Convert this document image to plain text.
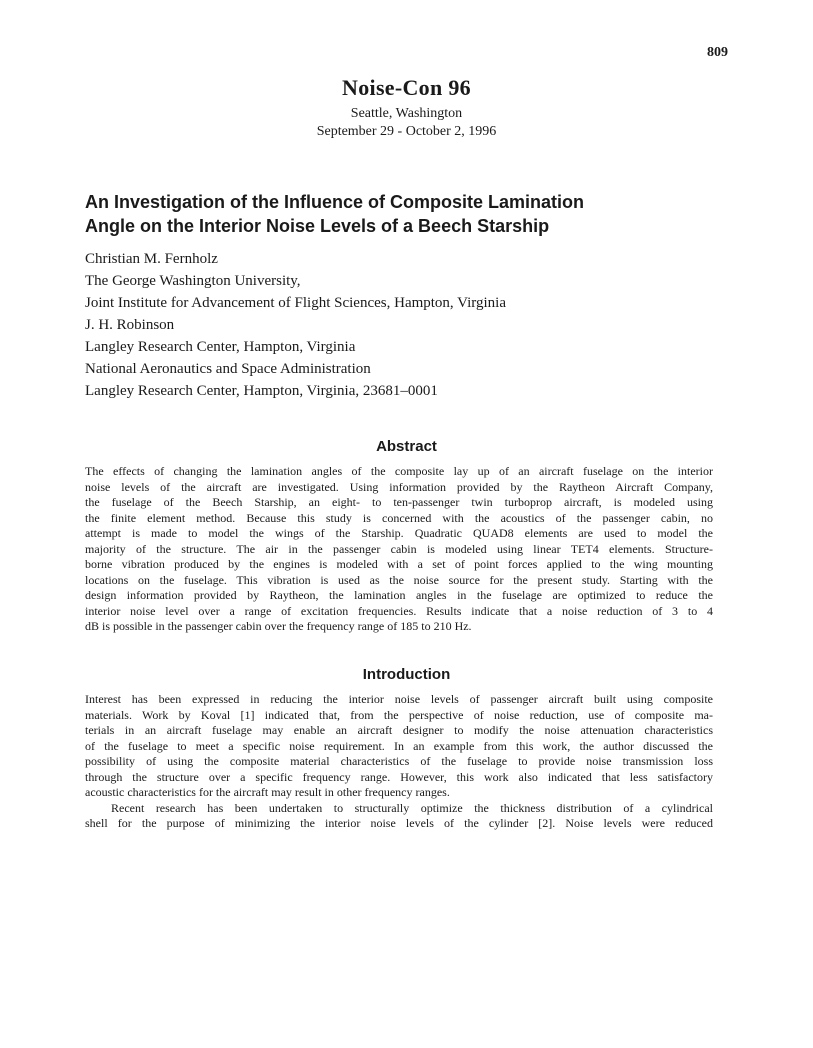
809
Noise-Con 96
Seattle, Washington
September 29 - October 2, 1996
An Investigation of the Influence of Composite Lamination
Angle on the Interior Noise Levels of a Beech Starship
Christian M. Fernholz
The George Washington University,
Joint Institute for Advancement of Flight Sciences, Hampton, Virginia
J. H. Robinson
Langley Research Center, Hampton, Virginia
National Aeronautics and Space Administration
Langley Research Center, Hampton, Virginia, 23681–0001
Abstract
The effects of changing the lamination angles of the composite lay up of an aircraft fuselage on the interior
noise levels of the aircraft are investigated. Using information provided by the Raytheon Aircraft Company,
the fuselage of the Beech Starship, an eight- to ten-passenger twin turboprop aircraft, is modeled using
the finite element method. Because this study is concerned with the acoustics of the passenger cabin, no
attempt is made to model the wings of the Starship. Quadratic QUAD8 elements are used to model the
majority of the structure. The air in the passenger cabin is modeled using linear TET4 elements. Structure-
borne vibration produced by the engines is modeled with a set of point forces applied to the wing mounting
locations on the fuselage. This vibration is used as the noise source for the present study. Starting with the
design information provided by Raytheon, the lamination angles in the fuselage are optimized to reduce the
interior noise level over a range of excitation frequencies. Results indicate that a noise reduction of 3 to 4
dB is possible in the passenger cabin over the frequency range of 185 to 210 Hz.
Introduction
Interest has been expressed in reducing the interior noise levels of passenger aircraft built using composite
materials. Work by Koval [1] indicated that, from the perspective of noise reduction, use of composite ma-
terials in an aircraft fuselage may enable an aircraft designer to modify the noise attenuation characteristics
of the fuselage to meet a specific noise requirement. In an example from this work, the author discussed the
possibility of using the composite material characteristics of the fuselage to provide noise transmission loss
through the structure over a specific frequency range. However, this work also indicated that less satisfactory
acoustic characteristics for the aircraft may result in other frequency ranges.
Recent research has been undertaken to structurally optimize the thickness distribution of a cylindrical
shell for the purpose of minimizing the interior noise levels of the cylinder [2]. Noise levels were reduced
